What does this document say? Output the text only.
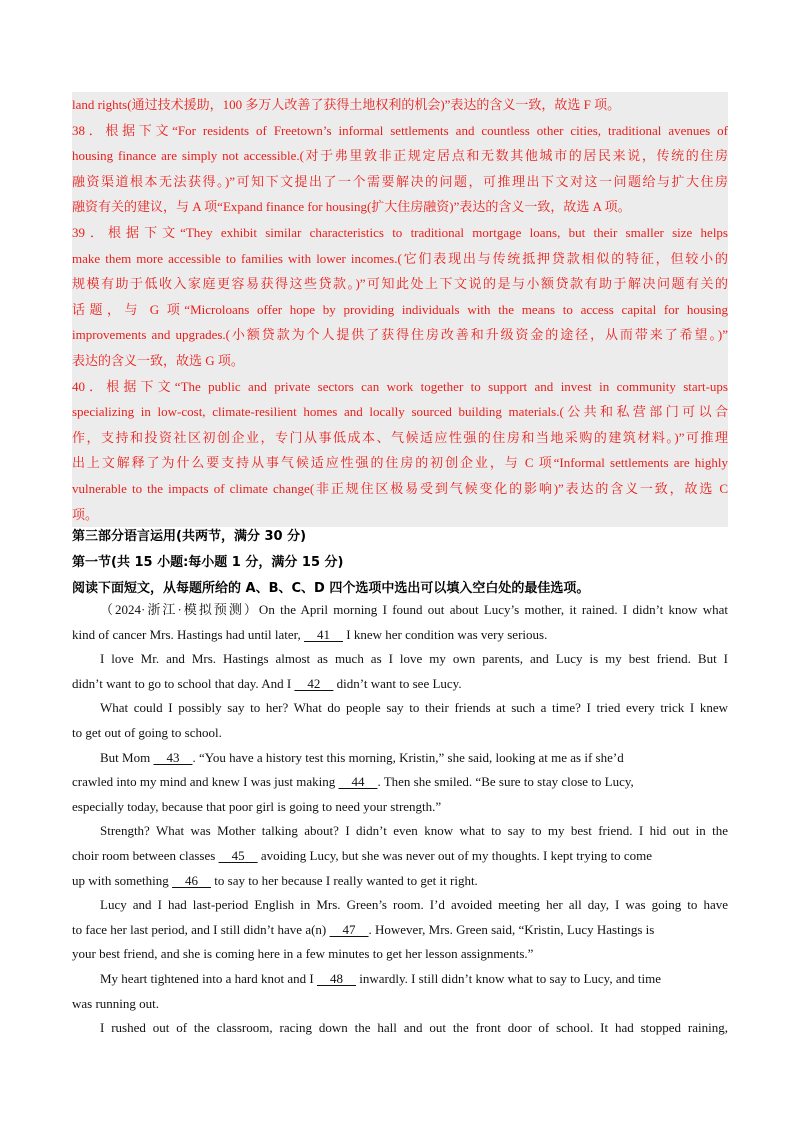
land rights(通过技术援助，100 多万人改善了获得土地权利的机会)”表达的含义一致，故选 F 项。
38．根据下文“For residents of Freetown’s informal settlements and countless other cities, traditional avenues of
housing finance are simply not accessible.(对于弗里敦非正规定居点和无数其他城市的居民来说，传统的住房
融资渠道根本无法获得。)”可知下文提出了一个需要解决的问题，可推理出下文对这一问题给与扩大住房
融资有关的建议，与 A 项“Expand finance for housing(扩大住房融资)”表达的含义一致，故选 A 项。
39．根据下文“They exhibit similar characteristics to traditional mortgage loans, but their smaller size helps
make them more accessible to families with lower incomes.(它们表现出与传统抵押贷款相似的特征，但较小的
规模有助于低收入家庭更容易获得这些贷款。)”可知此处上下文说的是与小额贷款有助于解决问题有关的
话题，与 G 项“Microloans offer hope by providing individuals with the means to access capital for housing
improvements and upgrades.(小额贷款为个人提供了获得住房改善和升级资金的途径，从而带来了希望。)”
表达的含义一致，故选 G 项。
40．根据下文“The public and private sectors can work together to support and invest in community start-ups
specializing in low-cost, climate-resilient homes and locally sourced building materials.(公共和私营部门可以合
作，支持和投资社区初创企业，专门从事低成本、气候适应性强的住房和当地采购的建筑材料。)”可推理
出上文解释了为什么要支持从事气候适应性强的住房的初创企业，与 C 项“Informal settlements are highly
vulnerable to the impacts of climate change(非正规住区极易受到气候变化的影响)”表达的含义一致，故选 C
项。
第三部分语言运用(共两节，满分 30 分)
第一节(共 15 小题:每小题 1 分，满分 15 分)
阅读下面短文，从每题所给的 A、B、C、D 四个选项中选出可以填入空白处的最佳选项。
（2024·浙江·模拟预测）On the April morning I found out about Lucy’s mother, it rained. I didn’t know what
kind of cancer Mrs. Hastings had until later, 41 I knew her condition was very serious.
I love Mr. and Mrs. Hastings almost as much as I love my own parents, and Lucy is my best friend. But I
didn’t want to go to school that day. And I 42 didn’t want to see Lucy.
What could I possibly say to her? What do people say to their friends at such a time? I tried every trick I knew
to get out of going to school.
But Mom 43 . “You have a history test this morning, Kristin,” she said, looking at me as if she’d
crawled into my mind and knew I was just making 44 . Then she smiled. “Be sure to stay close to Lucy,
especially today, because that poor girl is going to need your strength.”
Strength? What was Mother talking about? I didn’t even know what to say to my best friend. I hid out in the
choir room between classes 45 avoiding Lucy, but she was never out of my thoughts. I kept trying to come
up with something 46 to say to her because I really wanted to get it right.
Lucy and I had last-period English in Mrs. Green’s room. I’d avoided meeting her all day, I was going to have
to face her last period, and I still didn’t have a(n) 47 . However, Mrs. Green said, “Kristin, Lucy Hastings is
your best friend, and she is coming here in a few minutes to get her lesson assignments.”
My heart tightened into a hard knot and I 48 inwardly. I still didn’t know what to say to Lucy, and time
was running out.
I rushed out of the classroom, racing down the hall and out the front door of school. It had stopped raining,
